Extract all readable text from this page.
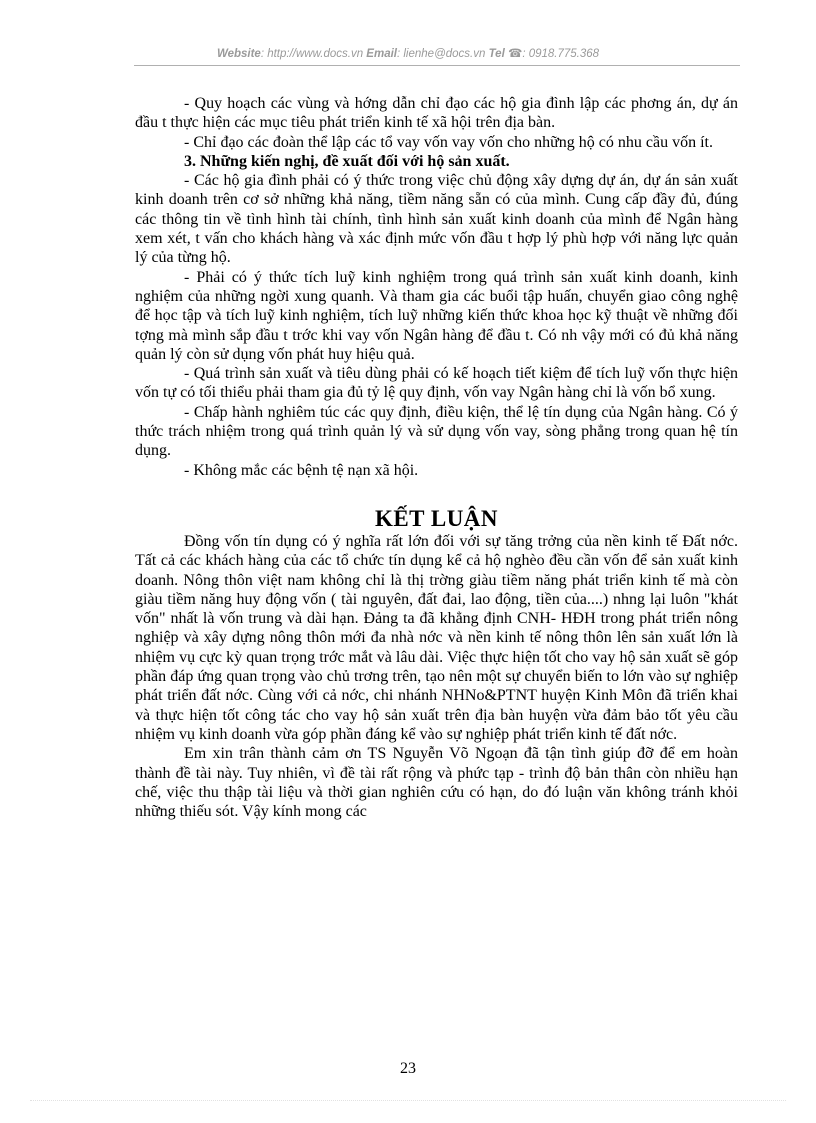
Website: http://www.docs.vn Email: lienhe@docs.vn Tel ☎: 0918.775.368

- Quy hoạch các vùng và hớng dẫn chỉ đạo các hộ gia đình lập các phơng án, dự án đầu t thực hiện các mục tiêu phát triển kinh tế xã hội trên địa bàn.

- Chỉ đạo các đoàn thể lập các tổ vay vốn vay vốn cho những hộ có nhu cầu vốn ít.

3. Những kiến nghị, đề xuất đối với hộ sản xuất.

- Các hộ gia đình phải có ý thức trong việc chủ động xây dựng dự án, dự án sản xuất kinh doanh trên cơ sở những khả năng, tiềm năng sẵn có của mình. Cung cấp đầy đủ, đúng các thông tin về tình hình tài chính, tình hình sản xuất kinh doanh của mình để Ngân hàng xem xét, t vấn cho khách hàng và xác định mức vốn đầu t hợp lý phù hợp với năng lực quản lý của từng hộ.

- Phải có ý thức tích luỹ kinh nghiệm trong quá trình sản xuất kinh doanh, kinh nghiệm của những ngời xung quanh. Và tham gia các buổi tập huấn, chuyển giao công nghệ để học tập và tích luỹ kinh nghiệm, tích luỹ những kiến thức khoa học kỹ thuật về những đối tợng mà mình sắp đầu t trớc khi vay vốn Ngân hàng để đầu t. Có nh vậy mới có đủ khả năng quản lý còn sử dụng vốn phát huy hiệu quả.

- Quá trình sản xuất và tiêu dùng phải có kế hoạch tiết kiệm để tích luỹ vốn thực hiện vốn tự có tối thiểu phải tham gia đủ tỷ lệ quy định, vốn vay Ngân hàng chỉ là vốn bổ xung.

- Chấp hành nghiêm túc các quy định, điều kiện, thể lệ tín dụng của Ngân hàng. Có ý thức trách nhiệm trong quá trình quản lý và sử dụng vốn vay, sòng phẳng trong quan hệ tín dụng.

- Không mắc các bệnh tệ nạn xã hội.

KẾT LUẬN

Đồng vốn tín dụng có ý nghĩa rất lớn đối với sự tăng trởng của nền kinh tế Đất nớc. Tất cả các khách hàng của các tổ chức tín dụng kể cả hộ nghèo đều cần vốn để sản xuất kinh doanh. Nông thôn việt nam không chỉ là thị trờng giàu tiềm năng phát triển kinh tế mà còn giàu tiềm năng huy động vốn ( tài nguyên, đất đai, lao động, tiền của....) nhng lại luôn "khát vốn" nhất là vốn trung và dài hạn. Đảng ta đã khẳng định CNH- HĐH trong phát triển nông nghiệp và xây dựng nông thôn mới đa nhà nớc và nền kinh tế nông thôn lên sản xuất lớn là nhiệm vụ cực kỳ quan trọng trớc mắt và lâu dài. Việc thực hiện tốt cho vay hộ sản xuất sẽ góp phần đáp ứng quan trọng vào chủ trơng trên, tạo nên một sự chuyển biến to lớn vào sự nghiệp phát triển đất nớc. Cùng với cả nớc, chi nhánh NHNo&PTNT huyện Kinh Môn đã triển khai và thực hiện tốt công tác cho vay hộ sản xuất trên địa bàn huyện vừa đảm bảo tốt yêu cầu nhiệm vụ kinh doanh vừa góp phần đáng kể vào sự nghiệp phát triển kinh tế đất nớc.

Em xin trân thành cảm ơn TS Nguyễn Võ Ngoạn đã tận tình giúp đỡ để em hoàn thành đề tài này. Tuy nhiên, vì đề tài rất rộng và phức tạp - trình độ bản thân còn nhiều hạn chế, việc thu thập tài liệu và thời gian nghiên cứu có hạn, do đó luận văn không tránh khỏi những thiếu sót. Vậy kính mong các

23
